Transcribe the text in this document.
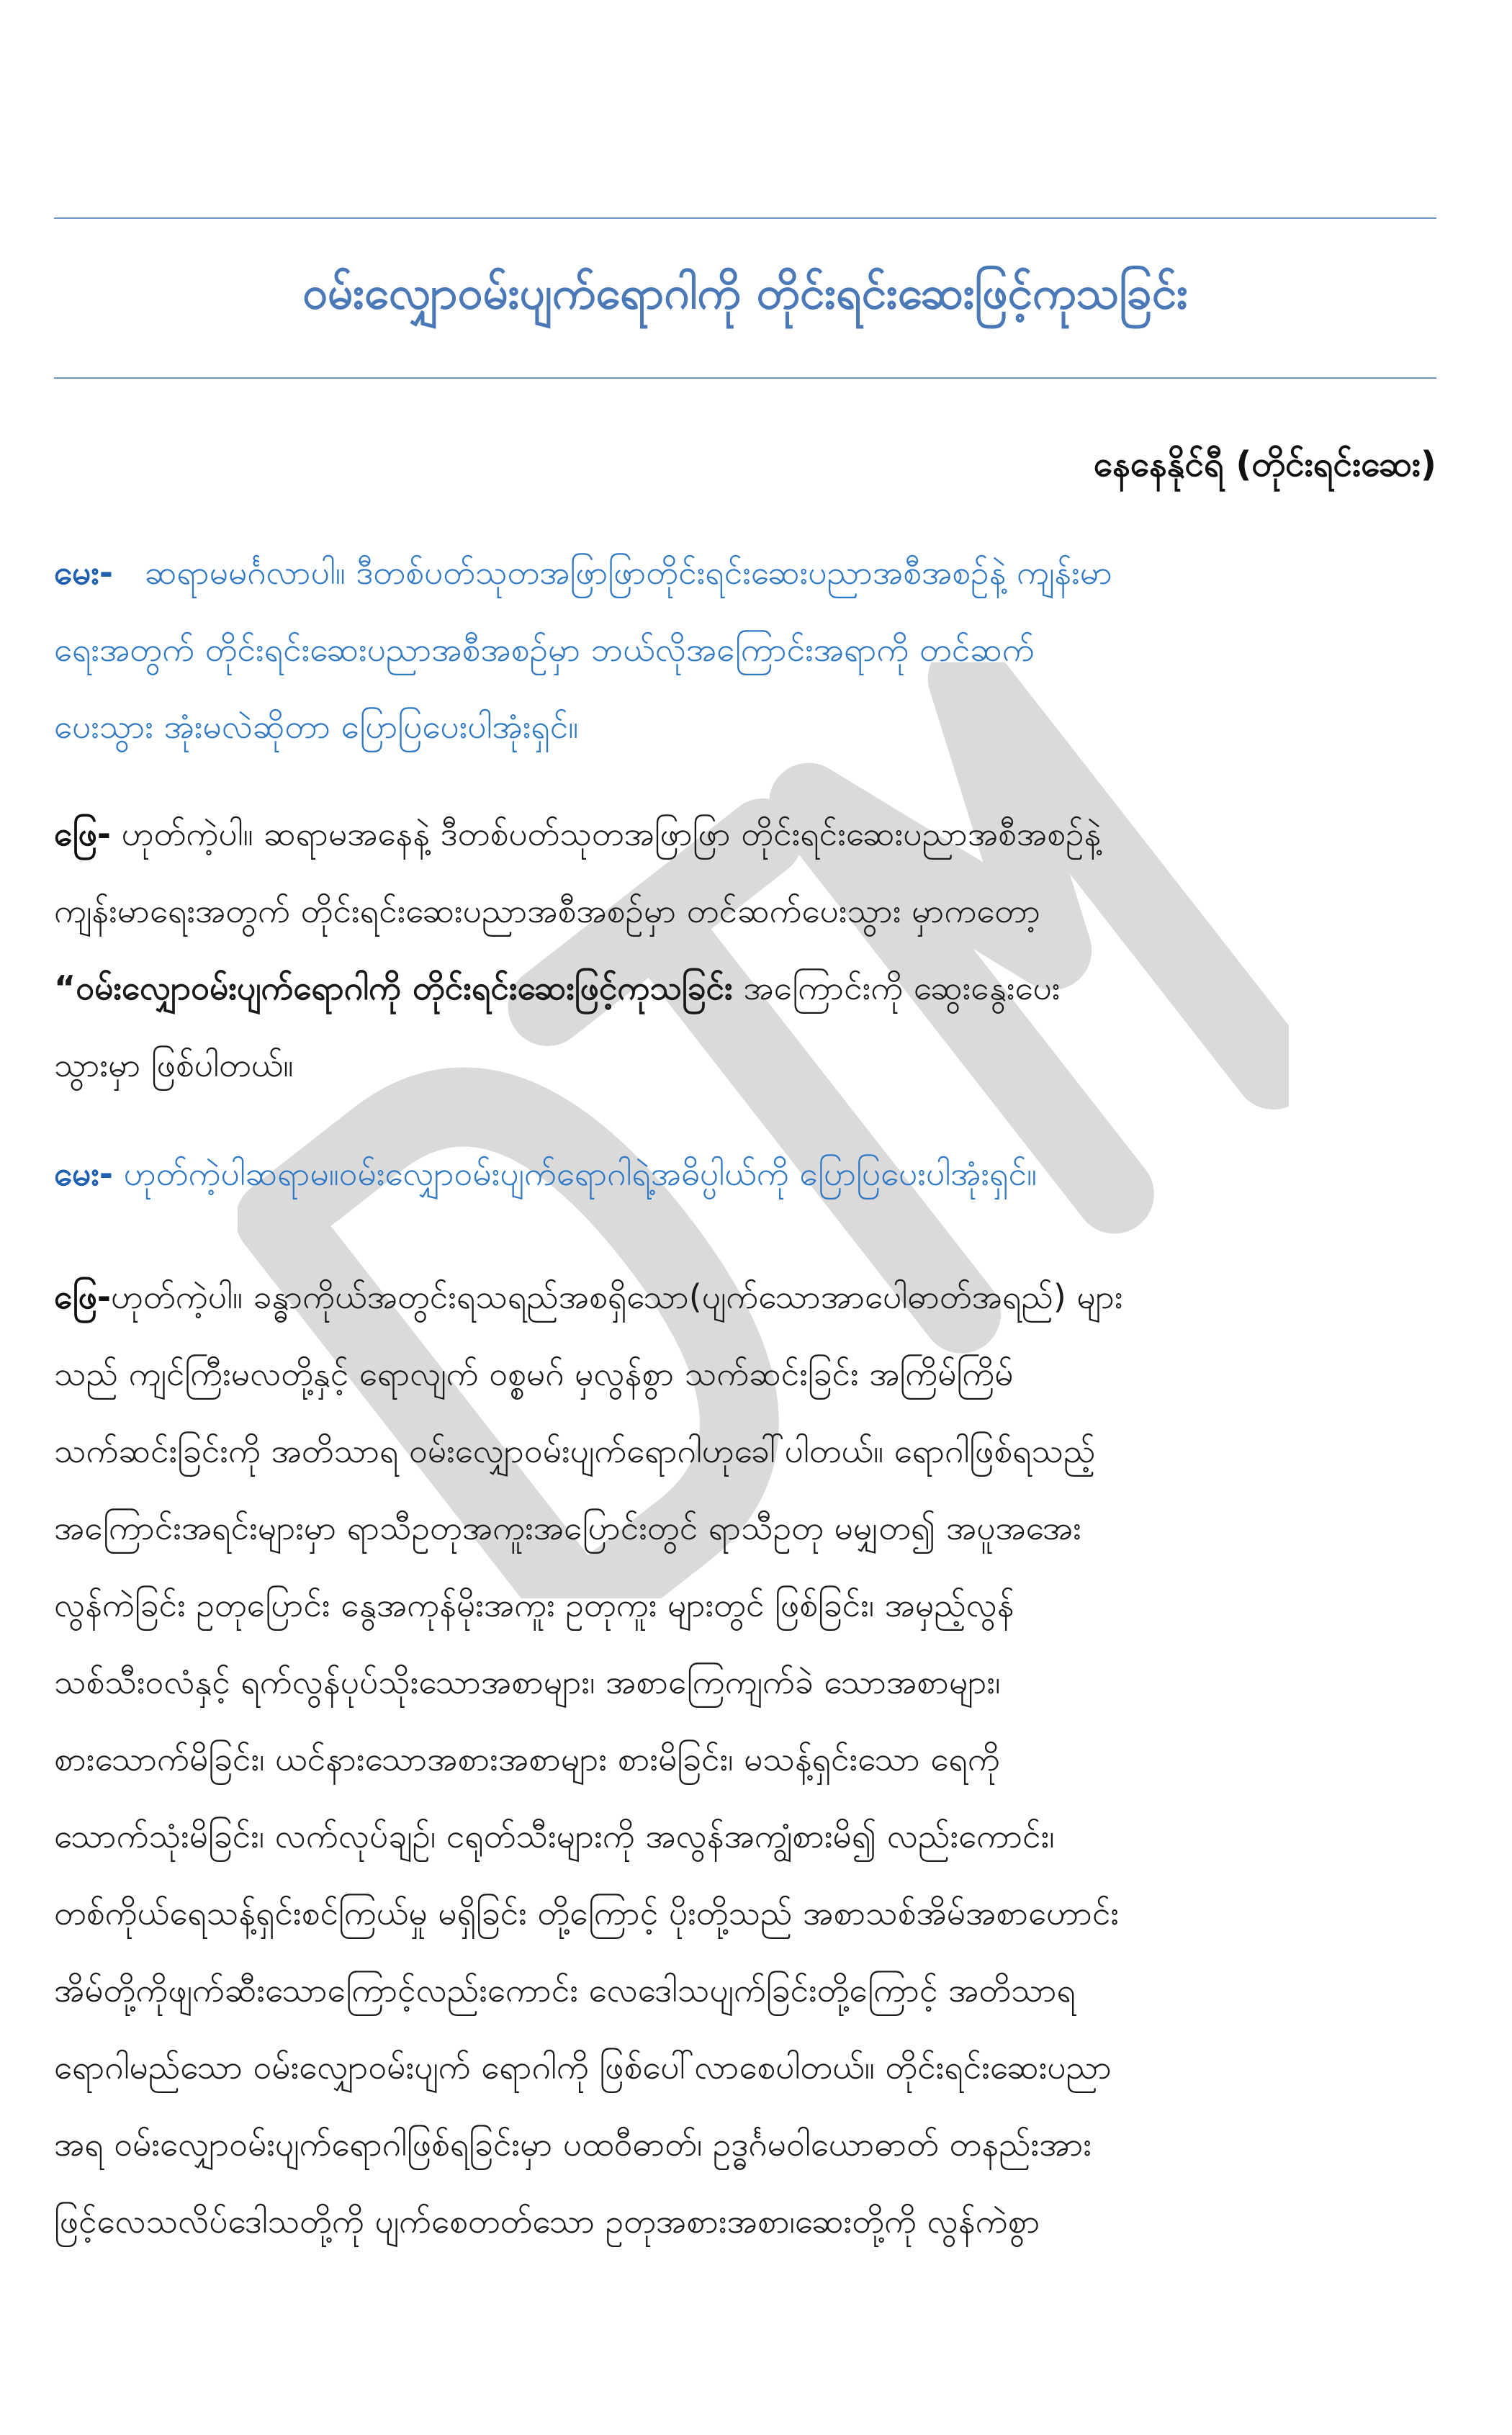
ဝမ်းလျှောဝမ်းပျက်ရောဂါကို တိုင်းရင်းဆေးဖြင့်ကုသခြင်း
နေနေနိုင်ရီ (တိုင်းရင်းဆေး)
မေး- ဆရာမမင်္ဂလာပါ။ ဒီတစ်ပတ်သုတအဖြာဖြာတိုင်းရင်းဆေးပညာအစီအစဉ်နဲ့ ကျန်းမာ
ရေးအတွက် တိုင်းရင်းဆေးပညာအစီအစဉ်မှာ ဘယ်လိုအကြောင်းအရာကို တင်ဆက်
ပေးသွား အုံးမလဲဆိုတာ ပြောပြပေးပါအုံးရှင်။
ဖြေ- ဟုတ်ကဲ့ပါ။ ဆရာမအနေနဲ့ ဒီတစ်ပတ်သုတအဖြာဖြာ တိုင်းရင်းဆေးပညာအစီအစဉ်နဲ့
ကျန်းမာရေးအတွက် တိုင်းရင်းဆေးပညာအစီအစဉ်မှာ တင်ဆက်ပေးသွား မှာကတော့
“ဝမ်းလျှောဝမ်းပျက်ရောဂါကို တိုင်းရင်းဆေးဖြင့်ကုသခြင်း အကြောင်းကို ဆွေးနွေးပေး
သွားမှာ ဖြစ်ပါတယ်။
မေး- ဟုတ်ကဲ့ပါဆရာမ။ဝမ်းလျှောဝမ်းပျက်ရောဂါရဲ့အဓိပ္ပါယ်ကို ပြောပြပေးပါအုံးရှင်။
ဖြေ-ဟုတ်ကဲ့ပါ။ ခန္ဓာကိုယ်အတွင်းရသရည်အစရှိသော(ပျက်သောအာပေါဓာတ်အရည်) များ
သည် ကျင်ကြီးမလတို့နှင့် ရောလျက် ဝစ္စမဂ် မှလွန်စွာ သက်ဆင်းခြင်း အကြိမ်ကြိမ်
သက်ဆင်းခြင်းကို အတိသာရ ဝမ်းလျှောဝမ်းပျက်ရောဂါဟုခေါ်ပါတယ်။ ရောဂါဖြစ်ရသည့်
အကြောင်းအရင်းများမှာ ရာသီဥတုအကူးအပြောင်းတွင် ရာသီဥတု မမျှတ၍ အပူအအေး
လွန်ကဲခြင်း ဥတုပြောင်း နွေအကုန်မိုးအကူး ဥတုကူး များတွင် ဖြစ်ခြင်း၊ အမှည့်လွန်
သစ်သီးဝလံနှင့် ရက်လွန်ပုပ်သိုးသောအစာများ၊ အစာကြေကျက်ခဲ သောအစာများ၊
စားသောက်မိခြင်း၊ ယင်နားသောအစားအစာများ စားမိခြင်း၊ မသန့်ရှင်းသော ရေကို
သောက်သုံးမိခြင်း၊ လက်လုပ်ချဉ်၊ ငရုတ်သီးများကို အလွန်အကျွံစားမိ၍ လည်းကောင်း၊
တစ်ကိုယ်ရေသန့်ရှင်းစင်ကြယ်မှု မရှိခြင်း တို့ကြောင့် ပိုးတို့သည် အစာသစ်အိမ်အစာဟောင်း
အိမ်တို့ကိုဖျက်ဆီးသောကြောင့်လည်းကောင်း လေဒေါသပျက်ခြင်းတို့ကြောင့် အတိသာရ
ရောဂါမည်သော ဝမ်းလျှောဝမ်းပျက် ရောဂါကို ဖြစ်ပေါ်လာစေပါတယ်။ တိုင်းရင်းဆေးပညာ
အရ ဝမ်းလျှောဝမ်းပျက်ရောဂါဖြစ်ရခြင်းမှာ ပထဝီဓာတ်၊ ဥဒ္ဓင်္ဂမဝါယောဓာတ် တနည်းအား
ဖြင့်လေသလိပ်ဒေါသတို့ကို ပျက်စေတတ်သော ဥတုအစားအစာ၊ဆေးတို့ကို လွန်ကဲစွာ
